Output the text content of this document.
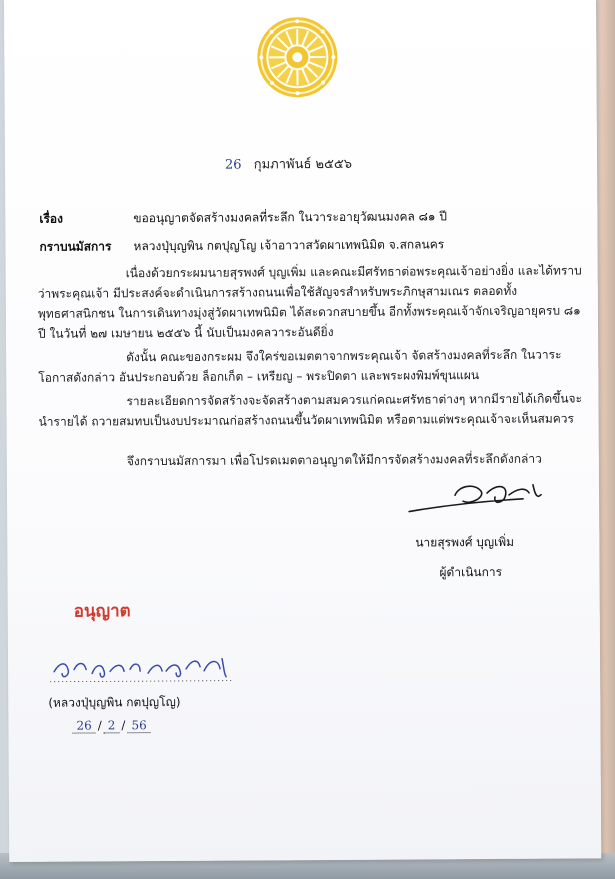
26 กุมภาพันธ์ ๒๕๕๖
เรื่อง	ขออนุญาตจัดสร้างมงคลที่ระลึก ในวาระอายุวัฒนมงคล ๘๑ ปี
กราบนมัสการ หลวงปุ่บุญพิน กตปุญโญ เจ้าอาวาสวัดผาเทพนิมิต จ.สกลนคร
เนื่องด้วยกระผมนายสุรพงศ์ บุญเพิ่ม และคณะมีศรัทธาต่อพระคุณเจ้าอย่างยิ่ง และได้ทราบว่าพระคุณเจ้า มีประสงค์จะดำเนินการสร้างถนนเพื่อใช้สัญจรสำหรับพระภิกษุสามเณร ตลอดทั้งพุทธศาสนิกชน ในการเดินทางมุ่งสู่วัดผาเทพนิมิต ได้สะดวกสบายขึ้น อีกทั้งพระคุณเจ้าจักเจริญอายุครบ ๘๑ ปี ในวันที่ ๒๗ เมษายน ๒๕๕๖ นี้ นับเป็นมงคลวาระอันดียิ่ง
ดังนั้น คณะของกระผม จึงใคร่ขอเมตตาจากพระคุณเจ้า จัดสร้างมงคลที่ระลึก ในวาระโอกาสดังกล่าว อันประกอบด้วย ล็อกเก็ต – เหรียญ – พระปิดตา และพระผงพิมพ์ขุนแผน
รายละเอียดการจัดสร้างจะจัดสร้างตามสมควรแก่คณะศรัทธาต่างๆ หากมีรายได้เกิดขึ้นจะนำรายได้ ถวายสมทบเป็นงบประมาณก่อสร้างถนนขึ้นวัดผาเทพนิมิต หรือตามแต่พระคุณเจ้าจะเห็นสมควร
จึงกราบนมัสการมา เพื่อโปรดเมตตาอนุญาตให้มีการจัดสร้างมงคลที่ระลึกดังกล่าว
นายสุรพงศ์ บุญเพิ่ม
ผู้ดำเนินการ
อนุญาต
(หลวงปุ่บุญพิน กตปุญโญ)
26 / 2 / 56
